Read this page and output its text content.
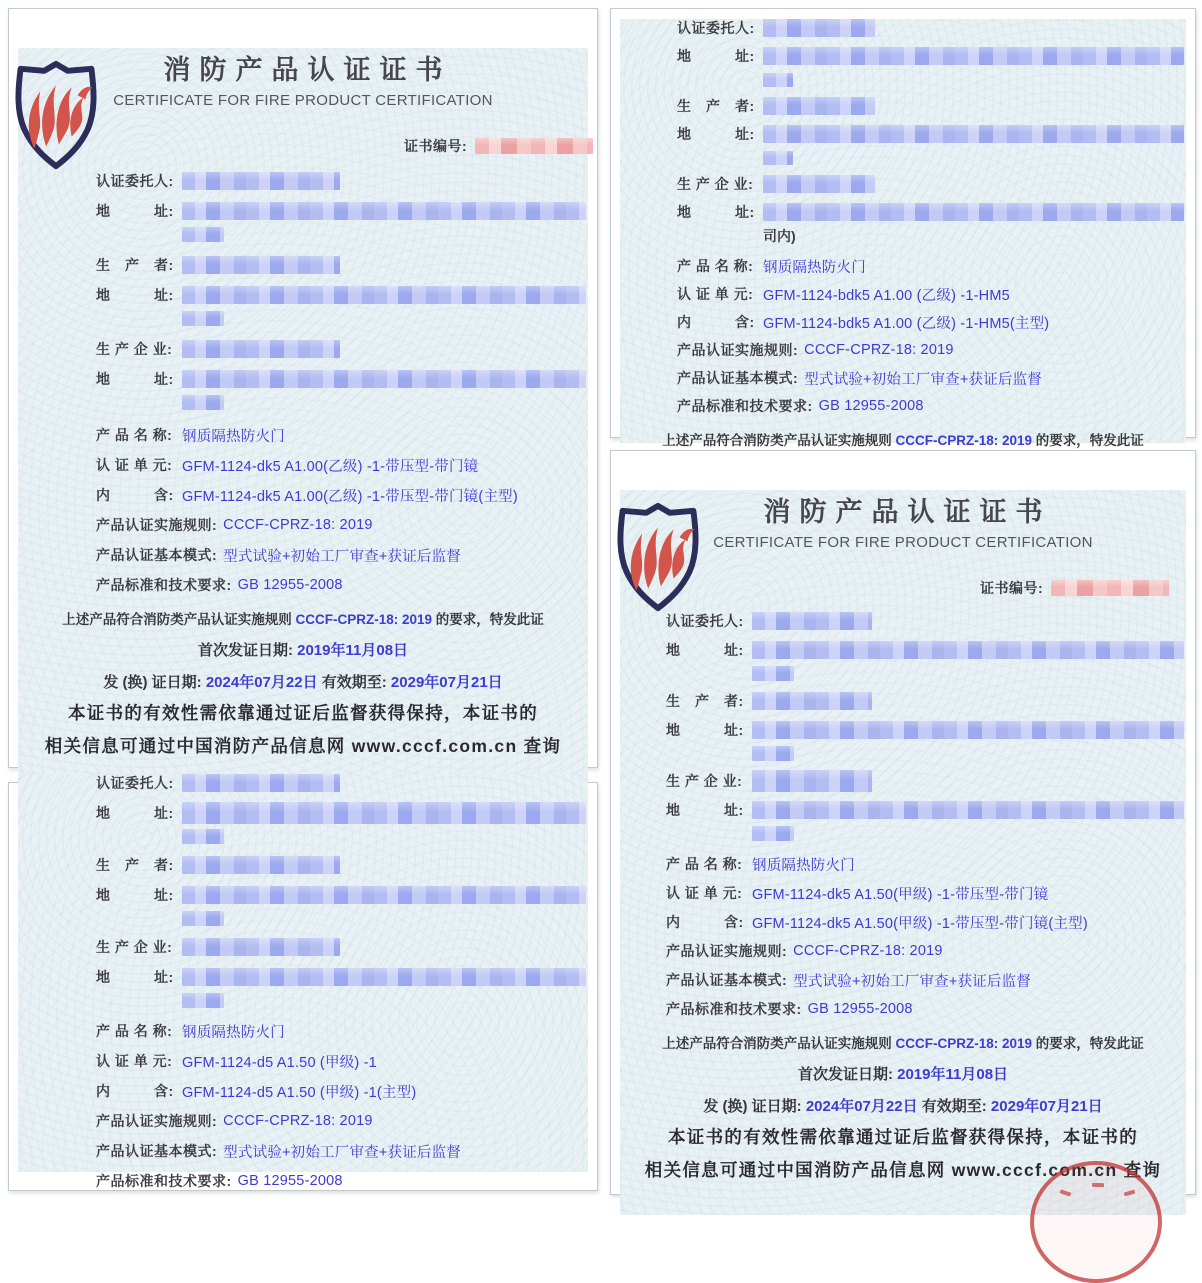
消防产品认证证书
CERTIFICATE FOR FIRE PRODUCT CERTIFICATION
证书编号:
认证委托人:
地　　　址:
生　产　者:
地　　　址:
生 产 企 业:
地　　　址:
产 品 名 称: 钢质隔热防火门
认 证 单 元: GFM-1124-dk5 A1.00(乙级) -1-带压型-带门镜
内　　　含: GFM-1124-dk5 A1.00(乙级) -1-带压型-带门镜(主型)
产品认证实施规则: CCCF-CPRZ-18: 2019
产品认证基本模式: 型式试验+初始工厂审查+获证后监督
产品标准和技术要求: GB 12955-2008
上述产品符合消防类产品认证实施规则 CCCF-CPRZ-18: 2019 的要求，特发此证
首次发证日期: 2019年11月08日
发 (换) 证日期: 2024年07月22日 有效期至: 2029年07月21日
本证书的有效性需依靠通过证后监督获得保持，本证书的
相关信息可通过中国消防产品信息网 www.cccf.com.cn 查询
认证委托人:
地　　　址:
生　产　者:
地　　　址:
生 产 企 业:
地　　　址:
产 品 名 称: 钢质隔热防火门
认 证 单 元: GFM-1124-d5 A1.50 (甲级) -1
内　　　含: GFM-1124-d5 A1.50 (甲级) -1(主型)
产品认证实施规则: CCCF-CPRZ-18: 2019
产品认证基本模式: 型式试验+初始工厂审查+获证后监督
产品标准和技术要求: GB 12955-2008
认证委托人:
地　　　址:
生　产　者:
地　　　址:
生 产 企 业:
地　　　址:
司内)
产 品 名 称: 钢质隔热防火门
认 证 单 元: GFM-1124-bdk5 A1.00 (乙级) -1-HM5
内　　　含: GFM-1124-bdk5 A1.00 (乙级) -1-HM5(主型)
产品认证实施规则: CCCF-CPRZ-18: 2019
产品认证基本模式: 型式试验+初始工厂审查+获证后监督
产品标准和技术要求: GB 12955-2008
上述产品符合消防类产品认证实施规则 CCCF-CPRZ-18: 2019 的要求，特发此证
消防产品认证证书
CERTIFICATE FOR FIRE PRODUCT CERTIFICATION
证书编号:
认证委托人:
地　　　址:
生　产　者:
地　　　址:
生 产 企 业:
地　　　址:
产 品 名 称: 钢质隔热防火门
认 证 单 元: GFM-1124-dk5 A1.50(甲级) -1-带压型-带门镜
内　　　含: GFM-1124-dk5 A1.50(甲级) -1-带压型-带门镜(主型)
产品认证实施规则: CCCF-CPRZ-18: 2019
产品认证基本模式: 型式试验+初始工厂审查+获证后监督
产品标准和技术要求: GB 12955-2008
上述产品符合消防类产品认证实施规则 CCCF-CPRZ-18: 2019 的要求，特发此证
首次发证日期: 2019年11月08日
发 (换) 证日期: 2024年07月22日 有效期至: 2029年07月21日
本证书的有效性需依靠通过证后监督获得保持，本证书的
相关信息可通过中国消防产品信息网 www.cccf.com.cn 查询
